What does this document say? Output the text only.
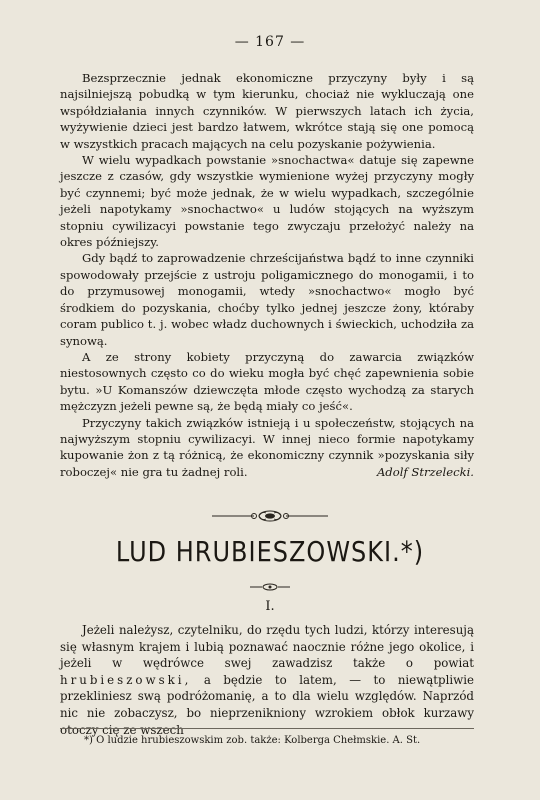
— 167 —

Bezsprzecznie jednak ekonomiczne przyczyny były i są najsilniejszą pobudką w tym kierunku, chociaż nie wykluczają one współdziałania innych czynników. W pierwszych latach ich życia, wyżywienie dzieci jest bardzo łatwem, wkrótce stają się one pomocą w wszystkich pracach mających na celu pozyskanie pożywienia.

W wielu wypadkach powstanie »snochactwa« datuje się zapewne jeszcze z czasów, gdy wszystkie wymienione wyżej przyczyny mogły być czynnemi; być może jednak, że w wielu wypadkach, szczególnie jeżeli napotykamy »snochactwo« u ludów stojących na wyższym stopniu cywilizacyi powstanie tego zwyczaju przełożyć należy na okres późniejszy.

Gdy bądź to zaprowadzenie chrześcijaństwa bądź to inne czynniki spowodowały przejście z ustroju poligamicznego do monogamii, i to do przymusowej monogamii, wtedy »snochactwo« mogło być środkiem do pozyskania, choćby tylko jednej jeszcze żony, któraby coram publico t. j. wobec władz duchownych i świeckich, uchodziła za synową.

A ze strony kobiety przyczyną do zawarcia związków niestosownych często co do wieku mogła być chęć zapewnienia sobie bytu. »U Komanszów dziewczęta młode często wychodzą za starych mężczyzn jeżeli pewne są, że będą miały co jeść«.

Przyczyny takich związków istnieją i u społeczeństw, stojących na najwyższym stopniu cywilizacyi. W innej nieco formie napotykamy kupowanie żon z tą różnicą, że ekonomiczny czynnik »pozyskania siły roboczej« nie gra tu żadnej roli.	Adolf Strzelecki.

LUD HRUBIESZOWSKI.*)
I.

Jeżeli należysz, czytelniku, do rzędu tych ludzi, którzy interesują się własnym krajem i lubią poznawać naocznie różne jego okolice, i jeżeli w wędrówce swej zawadzisz także o powiat hrubieszowski, a będzie to latem, — to niewątpliwie przekliniesz swą podróżomanię, a to dla wielu względów. Naprzód nic nie zobaczysz, bo nieprzenikniony wzrokiem obłok kurzawy otoczy cię ze wszech

*) O ludzie hrubieszowskim zob. także: Kolberga Chełmskie. A. St.
